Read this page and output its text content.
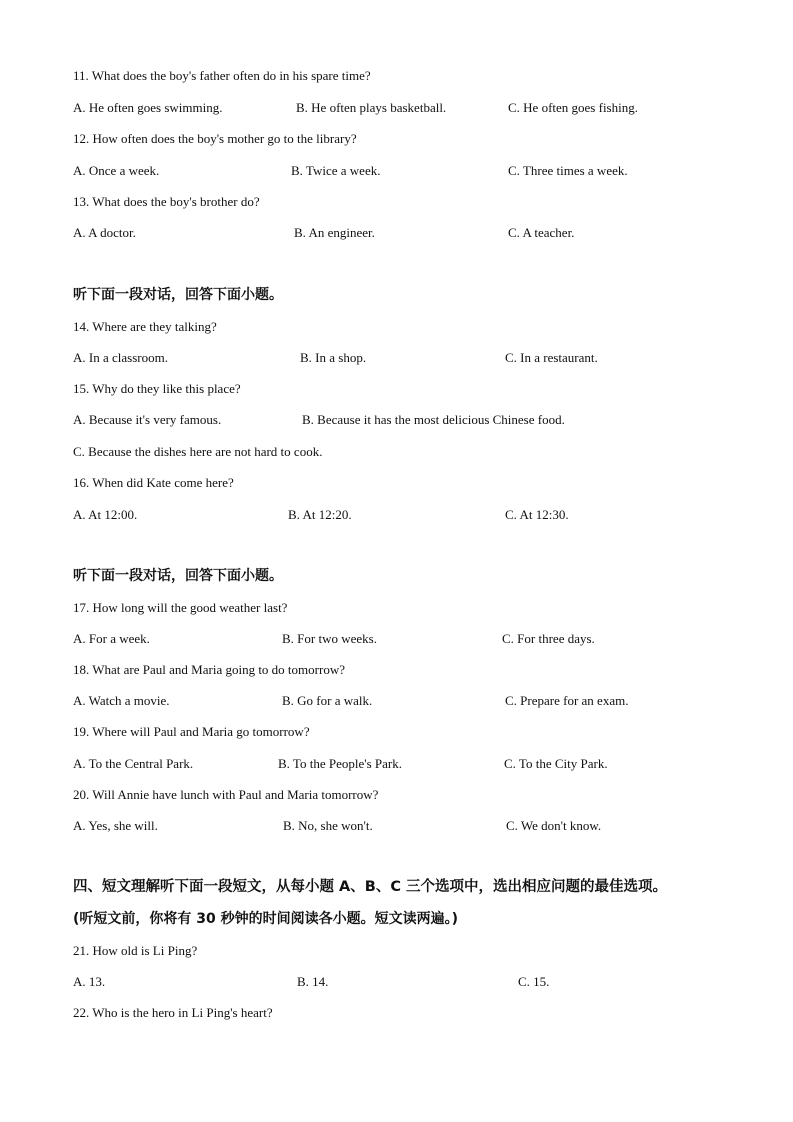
11. What does the boy's father often do in his spare time?
A. He often goes swimming.	B. He often plays basketball.	C. He often goes fishing.
12. How often does the boy's mother go to the library?
A. Once a week.	B. Twice a week.	C. Three times a week.
13. What does the boy's brother do?
A. A doctor.	B. An engineer.	C. A teacher.
听下面一段对话，回答下面小题。
14. Where are they talking?
A. In a classroom.	B. In a shop.	C. In a restaurant.
15. Why do they like this place?
A. Because it's very famous.	B. Because it has the most delicious Chinese food.
C. Because the dishes here are not hard to cook.
16. When did Kate come here?
A. At 12:00.	B. At 12:20.	C. At 12:30.
听下面一段对话，回答下面小题。
17. How long will the good weather last?
A. For a week.	B. For two weeks.	C. For three days.
18. What are Paul and Maria going to do tomorrow?
A. Watch a movie.	B. Go for a walk.	C. Prepare for an exam.
19. Where will Paul and Maria go tomorrow?
A. To the Central Park.	B. To the People's Park.	C. To the City Park.
20. Will Annie have lunch with Paul and Maria tomorrow?
A. Yes, she will.	B. No, she won't.	C. We don't know.
四、短文理解听下面一段短文，从每小题 A、B、C 三个选项中，选出相应问题的最佳选项。
(听短文前，你将有 30 秒钟的时间阅读各小题。短文读两遍。)
21. How old is Li Ping?
A. 13.	B. 14.	C. 15.
22. Who is the hero in Li Ping's heart?
